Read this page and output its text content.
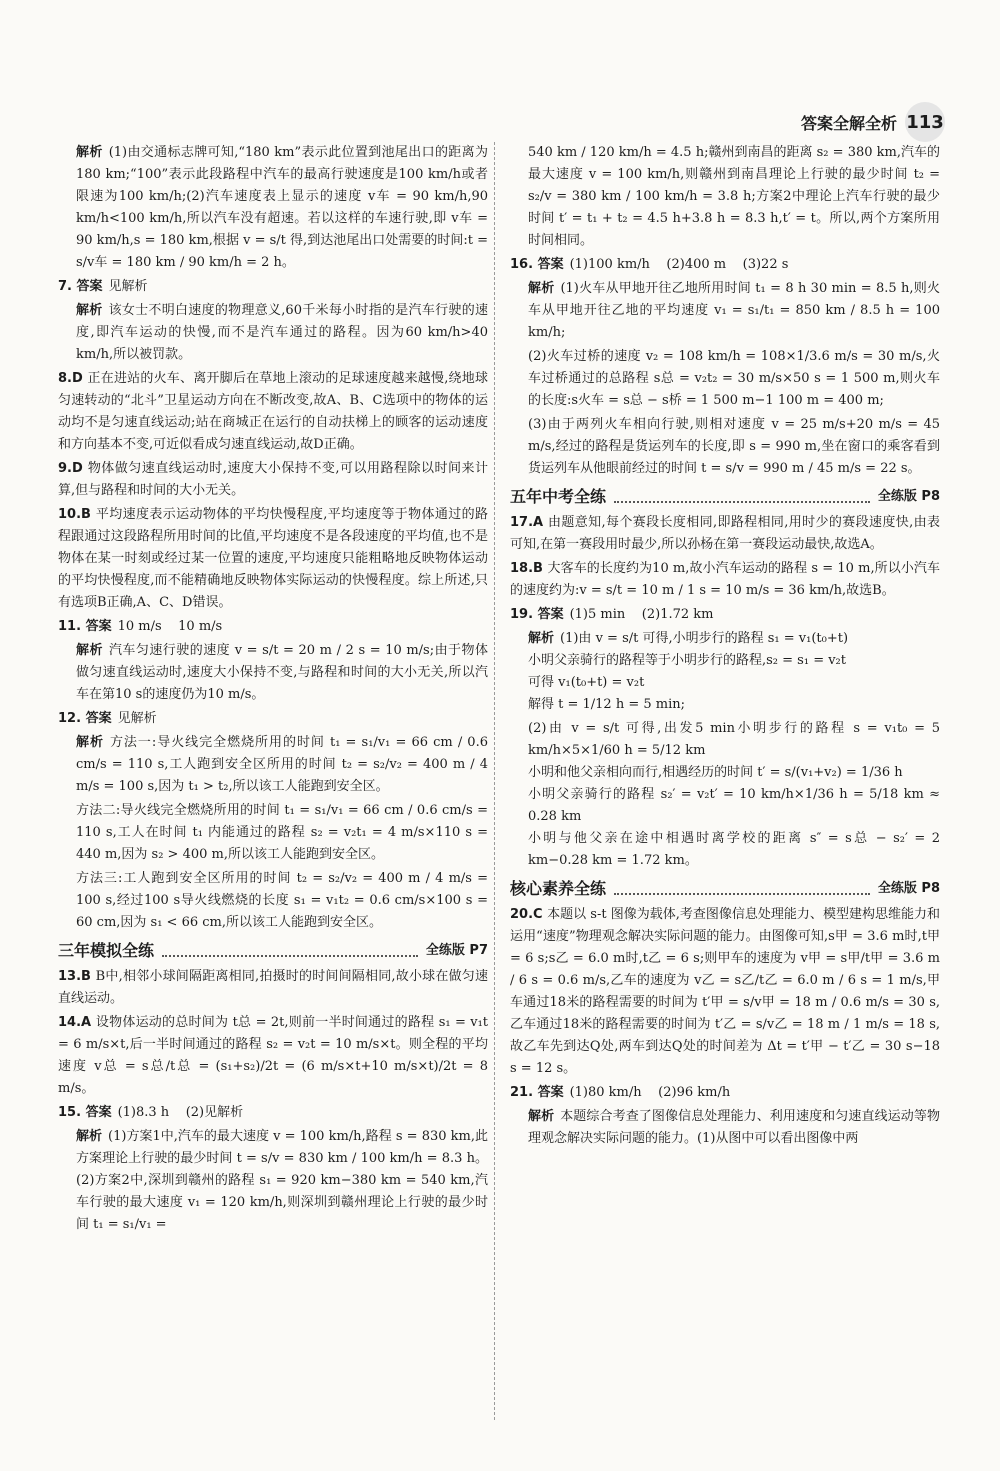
答案全解全析 113
解析 (1)由交通标志牌可知,“180 km”表示此位置到池尾出口的距离为180 km;“100”表示此段路程中汽车的最高行驶速度是100 km/h或者限速为100 km/h;(2)汽车速度表上显示的速度 v车 = 90 km/h,90 km/h<100 km/h,所以汽车没有超速。若以这样的车速行驶,即 v车 = 90 km/h,s = 180 km,根据 v = s/t 得,到达池尾出口处需要的时间:t = s/v车 = 180 km / 90 km/h = 2 h。
7. 答案 见解析
解析 该女士不明白速度的物理意义,60千米每小时指的是汽车行驶的速度,即汽车运动的快慢,而不是汽车通过的路程。因为60 km/h>40 km/h,所以被罚款。
8.D 正在进站的火车、离开脚后在草地上滚动的足球速度越来越慢,绕地球匀速转动的“北斗”卫星运动方向在不断改变,故A、B、C选项中的物体的运动均不是匀速直线运动;站在商城正在运行的自动扶梯上的顾客的运动速度和方向基本不变,可近似看成匀速直线运动,故D正确。
9.D 物体做匀速直线运动时,速度大小保持不变,可以用路程除以时间来计算,但与路程和时间的大小无关。
10.B 平均速度表示运动物体的平均快慢程度,平均速度等于物体通过的路程跟通过这段路程所用时间的比值,平均速度不是各段速度的平均值,也不是物体在某一时刻或经过某一位置的速度,平均速度只能粗略地反映物体运动的平均快慢程度,而不能精确地反映物体实际运动的快慢程度。综上所述,只有选项B正确,A、C、D错误。
11. 答案 10 m/s    10 m/s
解析 汽车匀速行驶的速度 v = s/t = 20 m / 2 s = 10 m/s;由于物体做匀速直线运动时,速度大小保持不变,与路程和时间的大小无关,所以汽车在第10 s的速度仍为10 m/s。
12. 答案 见解析
解析 方法一:导火线完全燃烧所用的时间 t₁ = s₁/v₁ = 66 cm / 0.6 cm/s = 110 s,工人跑到安全区所用的时间 t₂ = s₂/v₂ = 400 m / 4 m/s = 100 s,因为 t₁ > t₂,所以该工人能跑到安全区。
方法二:导火线完全燃烧所用的时间 t₁ = s₁/v₁ = 66 cm / 0.6 cm/s = 110 s,工人在时间 t₁ 内能通过的路程 s₂ = v₂t₁ = 4 m/s×110 s = 440 m,因为 s₂ > 400 m,所以该工人能跑到安全区。
方法三:工人跑到安全区所用的时间 t₂ = s₂/v₂ = 400 m / 4 m/s = 100 s,经过100 s导火线燃烧的长度 s₁ = v₁t₂ = 0.6 cm/s×100 s = 60 cm,因为 s₁ < 66 cm,所以该工人能跑到安全区。
三年模拟全练	全练版 P7
13.B B中,相邻小球间隔距离相同,拍摄时的时间间隔相同,故小球在做匀速直线运动。
14.A 设物体运动的总时间为 t总 = 2t,则前一半时间通过的路程 s₁ = v₁t = 6 m/s×t,后一半时间通过的路程 s₂ = v₂t = 10 m/s×t。则全程的平均速度 v总 = s总/t总 = (s₁+s₂)/2t = (6 m/s×t+10 m/s×t)/2t = 8 m/s。
15. 答案 (1)8.3 h    (2)见解析
解析 (1)方案1中,汽车的最大速度 v = 100 km/h,路程 s = 830 km,此方案理论上行驶的最少时间 t = s/v = 830 km / 100 km/h = 8.3 h。(2)方案2中,深圳到赣州的路程 s₁ = 920 km−380 km = 540 km,汽车行驶的最大速度 v₁ = 120 km/h,则深圳到赣州理论上行驶的最少时间 t₁ = s₁/v₁ =
540 km / 120 km/h = 4.5 h;赣州到南昌的距离 s₂ = 380 km,汽车的最大速度 v = 100 km/h,则赣州到南昌理论上行驶的最少时间 t₂ = s₂/v = 380 km / 100 km/h = 3.8 h;方案2中理论上汽车行驶的最少时间 t′ = t₁ + t₂ = 4.5 h+3.8 h = 8.3 h,t′ = t。所以,两个方案所用时间相同。
16. 答案 (1)100 km/h    (2)400 m    (3)22 s
解析 (1)火车从甲地开往乙地所用时间 t₁ = 8 h 30 min = 8.5 h,则火车从甲地开往乙地的平均速度 v₁ = s₁/t₁ = 850 km / 8.5 h = 100 km/h;
(2)火车过桥的速度 v₂ = 108 km/h = 108×1/3.6 m/s = 30 m/s,火车过桥通过的总路程 s总 = v₂t₂ = 30 m/s×50 s = 1 500 m,则火车的长度:s火车 = s总 − s桥 = 1 500 m−1 100 m = 400 m;
(3)由于两列火车相向行驶,则相对速度 v = 25 m/s+20 m/s = 45 m/s,经过的路程是货运列车的长度,即 s = 990 m,坐在窗口的乘客看到货运列车从他眼前经过的时间 t = s/v = 990 m / 45 m/s = 22 s。
五年中考全练	全练版 P8
17.A 由题意知,每个赛段长度相同,即路程相同,用时少的赛段速度快,由表可知,在第一赛段用时最少,所以孙杨在第一赛段运动最快,故选A。
18.B 大客车的长度约为10 m,故小汽车运动的路程 s = 10 m,所以小汽车的速度约为:v = s/t = 10 m / 1 s = 10 m/s = 36 km/h,故选B。
19. 答案 (1)5 min    (2)1.72 km
解析 (1)由 v = s/t 可得,小明步行的路程 s₁ = v₁(t₀+t)
小明父亲骑行的路程等于小明步行的路程,s₂ = s₁ = v₂t
可得 v₁(t₀+t) = v₂t
解得 t = 1/12 h = 5 min;
(2)由 v = s/t 可得,出发5 min小明步行的路程 s = v₁t₀ = 5 km/h×5×1/60 h = 5/12 km
小明和他父亲相向而行,相遇经历的时间 t′ = s/(v₁+v₂) = 1/36 h
小明父亲骑行的路程 s₂′ = v₂t′ = 10 km/h×1/36 h = 5/18 km ≈ 0.28 km
小明与他父亲在途中相遇时离学校的距离 s″ = s总 − s₂′ = 2 km−0.28 km = 1.72 km。
核心素养全练	全练版 P8
20.C 本题以 s-t 图像为载体,考查图像信息处理能力、模型建构思维能力和运用“速度”物理观念解决实际问题的能力。由图像可知,s甲 = 3.6 m时,t甲 = 6 s;s乙 = 6.0 m时,t乙 = 6 s;则甲车的速度为 v甲 = s甲/t甲 = 3.6 m / 6 s = 0.6 m/s,乙车的速度为 v乙 = s乙/t乙 = 6.0 m / 6 s = 1 m/s,甲车通过18米的路程需要的时间为 t′甲 = s/v甲 = 18 m / 0.6 m/s = 30 s,乙车通过18米的路程需要的时间为 t′乙 = s/v乙 = 18 m / 1 m/s = 18 s,故乙车先到达Q处,两车到达Q处的时间差为 Δt = t′甲 − t′乙 = 30 s−18 s = 12 s。
21. 答案 (1)80 km/h    (2)96 km/h
解析 本题综合考查了图像信息处理能力、利用速度和匀速直线运动等物理观念解决实际问题的能力。(1)从图中可以看出图像中两
